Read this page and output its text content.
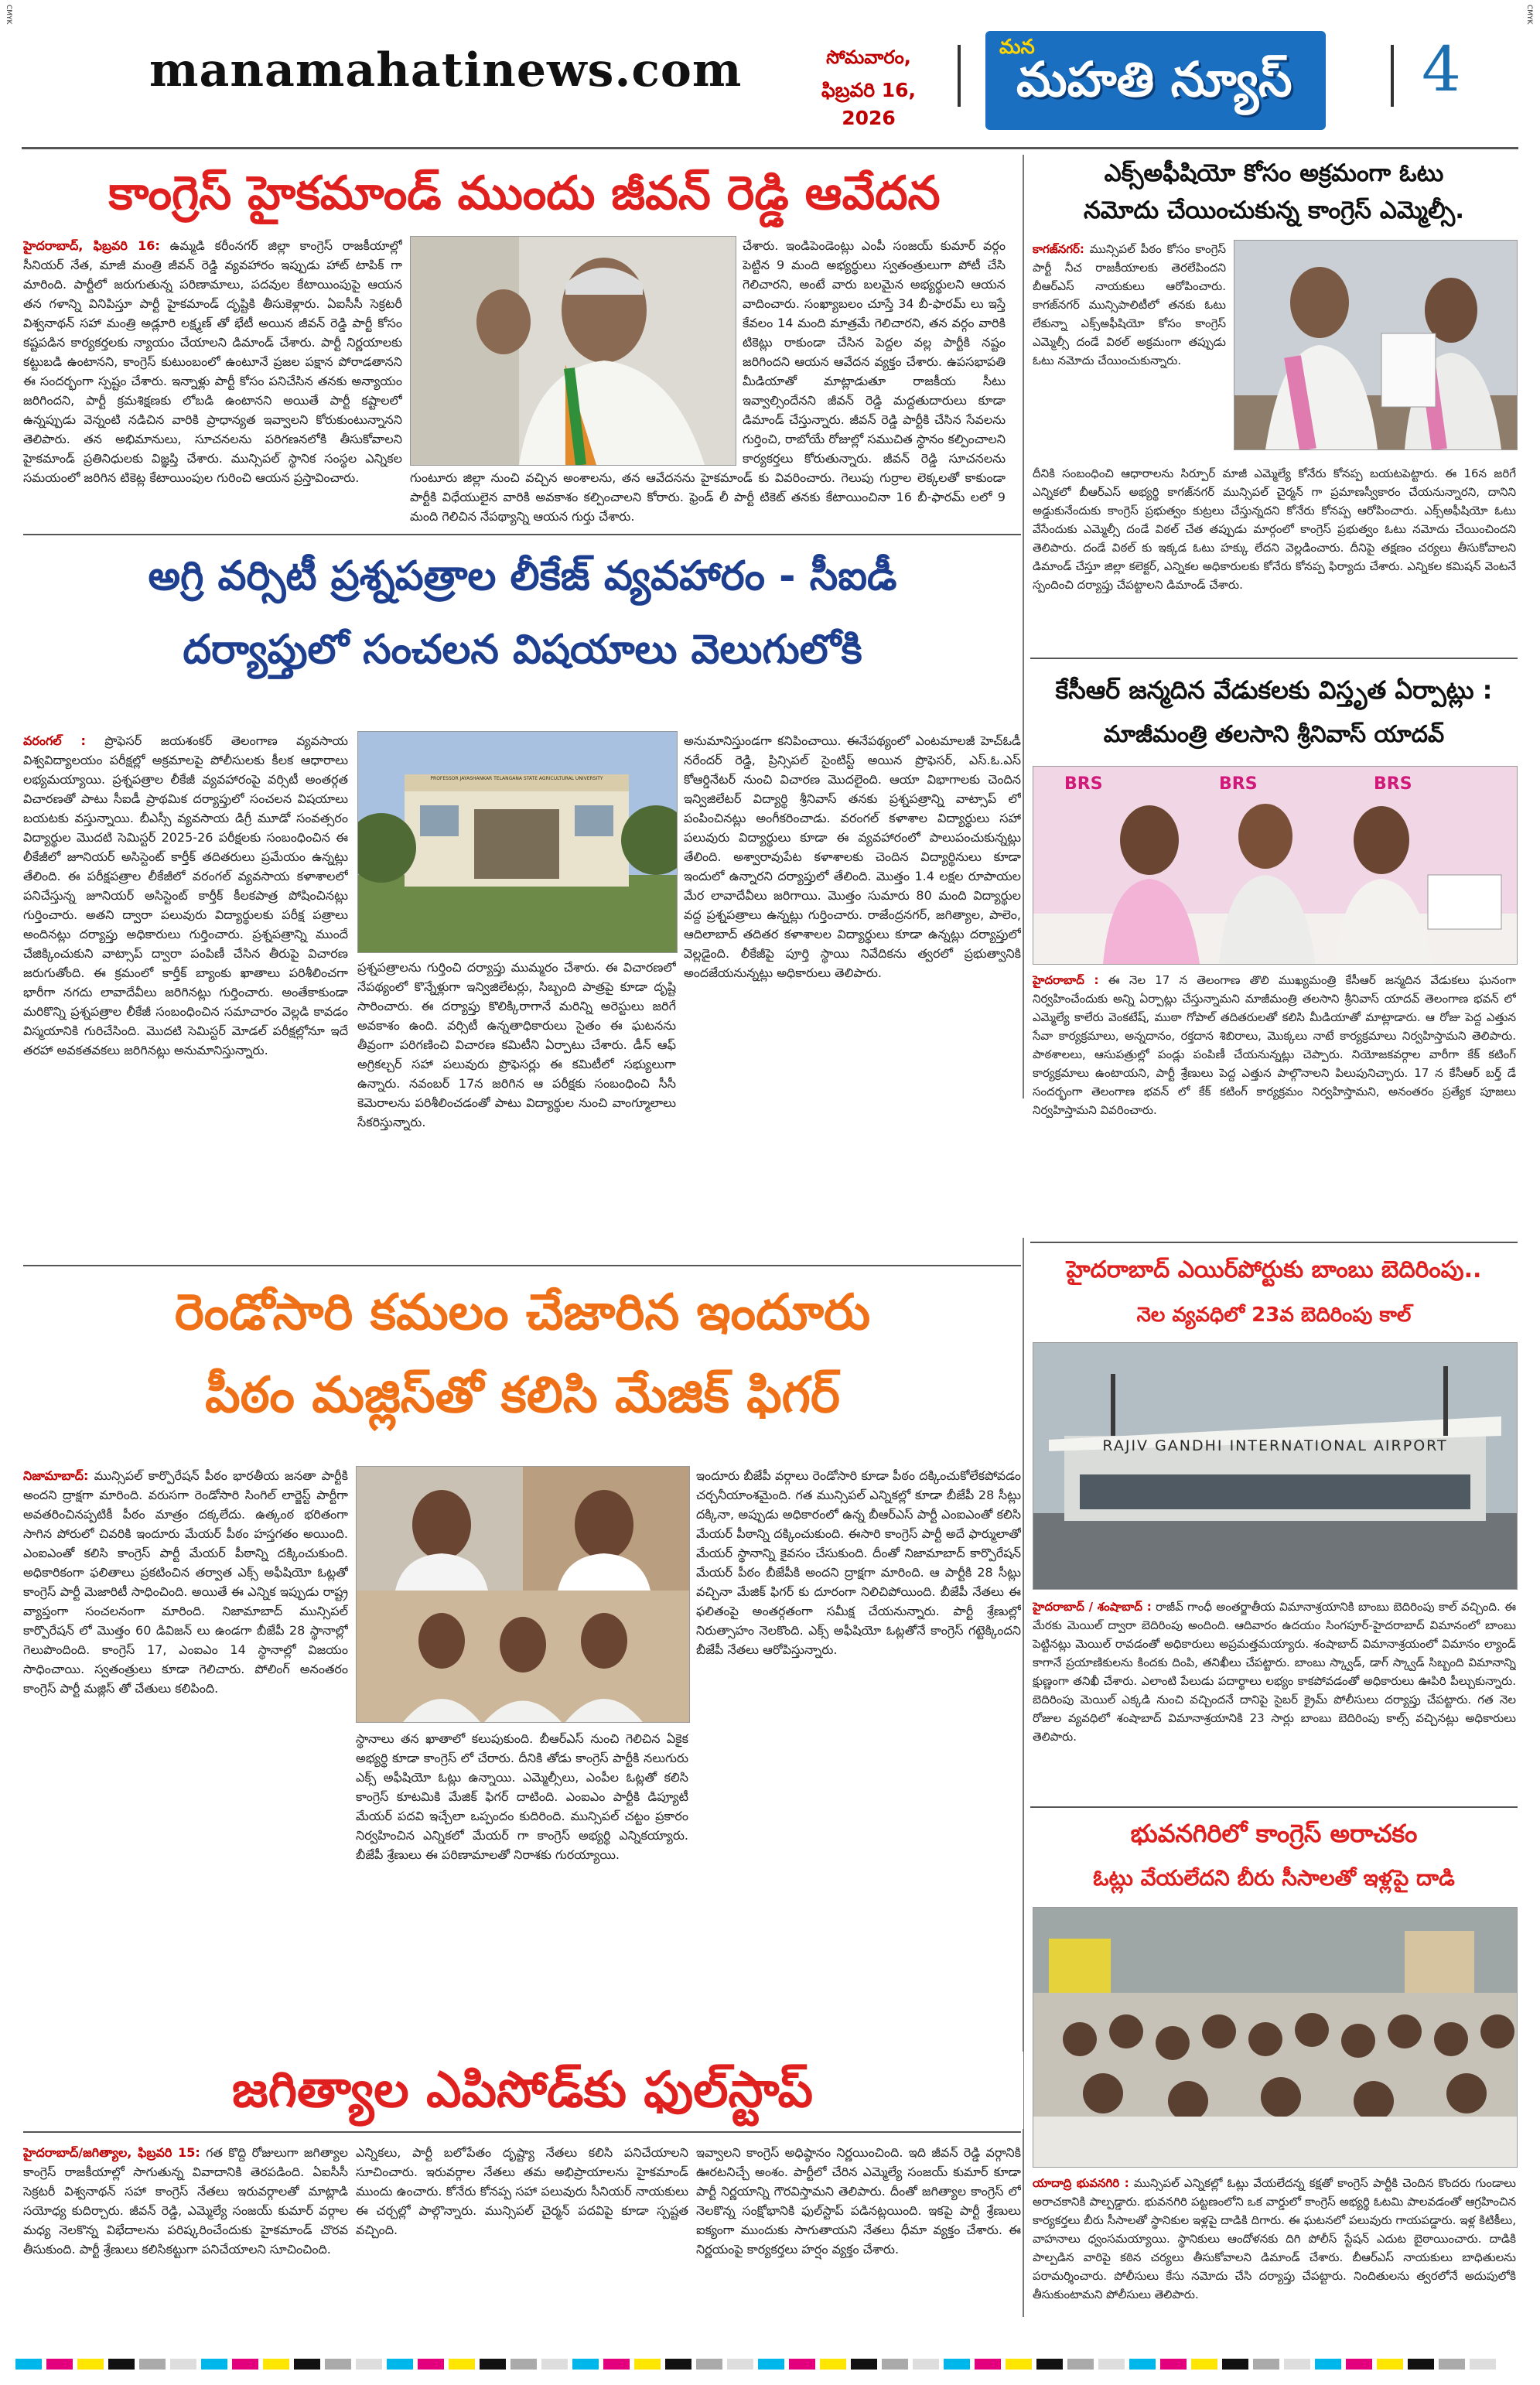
CMYK	CMYK
manamahatinews.com	సోమవారం,
ఫిబ్రవరి 16, 2026
మన
మహతి న్యూస్ 4
కాంగ్రెస్ హైకమాండ్ ముందు జీవన్ రెడ్డి ఆవేదన
హైదరాబాద్, ఫిబ్రవరి 16: ఉమ్మడి కరీంనగర్ జిల్లా కాంగ్రెస్ రాజకీయాల్లో సీనియర్ నేత, మాజీ మంత్రి జీవన్ రెడ్డి వ్యవహారం ఇప్పుడు హాట్ టాపిక్ గా మారింది. పార్టీలో జరుగుతున్న పరిణామాలు, పదవుల కేటాయింపుపై ఆయన తన గళాన్ని వినిపిస్తూ పార్టీ హైకమాండ్ దృష్టికి తీసుకెళ్లారు. ఏఐసీసీ సెక్రటరీ విశ్వనాథన్ సహా మంత్రి అడ్లూరి లక్ష్మణ్ తో భేటీ అయిన జీవన్ రెడ్డి పార్టీ కోసం కష్టపడిన కార్యకర్తలకు న్యాయం చేయాలని డిమాండ్ చేశారు. పార్టీ నిర్ణయాలకు కట్టుబడి ఉంటానని, కాంగ్రెస్ కుటుంబంలో ఉంటూనే ప్రజల పక్షాన పోరాడతానని ఈ సందర్భంగా స్పష్టం చేశారు. ఇన్నాళ్లు పార్టీ కోసం పనిచేసిన తనకు అన్యాయం జరిగిందని, పార్టీ క్రమశిక్షణకు లోబడి ఉంటానని అయితే పార్టీ కష్టాలలో ఉన్నప్పుడు వెన్నంటి నడిచిన వారికి ప్రాధాన్యత ఇవ్వాలని కోరుకుంటున్నానని తెలిపారు. తన అభిమానులు, సూచనలను పరిగణనలోకి తీసుకోవాలని హైకమాండ్ ప్రతినిధులకు విజ్ఞప్తి చేశారు. మున్సిపల్ స్థానిక సంస్థల ఎన్నికల సమయంలో జరిగిన టికెట్ల కేటాయింపుల గురించి ఆయన ప్రస్తావించారు.	గుంటూరు జిల్లా నుంచి వచ్చిన అంశాలను, తన ఆవేదనను హైకమాండ్ కు వివరించారు. గెలుపు గుర్రాల లెక్కలతో కాకుండా పార్టీకి విధేయులైన వారికి అవకాశం కల్పించాలని కోరారు. ఫ్రెండ్ లీ పార్టీ టికెట్ తనకు కేటాయించినా 16 బీ-ఫారమ్ లలో 9 మంది గెలిచిన నేపథ్యాన్ని ఆయన గుర్తు చేశారు.
చేశారు. ఇండిపెండెంట్లు ఎంపీ సంజయ్ కుమార్ వర్గం పెట్టిన 9 మంది అభ్యర్థులు స్వతంత్రులుగా పోటీ చేసి గెలిచారని, అంటే వారు బలమైన అభ్యర్థులని ఆయన వాదించారు. సంఖ్యాబలం చూస్తే 34 బీ-ఫారమ్ లు ఇస్తే కేవలం 14 మంది మాత్రమే గెలిచారని, తన వర్గం వారికి టికెట్లు రాకుండా చేసిన పెద్దల వల్ల పార్టీకి నష్టం జరిగిందని ఆయన ఆవేదన వ్యక్తం చేశారు. ఉపసభాపతి మీడియాతో మాట్లాడుతూ రాజకీయ సీటు ఇవ్వాల్సిందేనని జీవన్ రెడ్డి మద్దతుదారులు కూడా డిమాండ్ చేస్తున్నారు. జీవన్ రెడ్డి పార్టీకి చేసిన సేవలను గుర్తించి, రాబోయే రోజుల్లో సముచిత స్థానం కల్పించాలని కార్యకర్తలు కోరుతున్నారు. జీవన్ రెడ్డి సూచనలను
ఎక్స్‌అఫీషియో కోసం అక్రమంగా ఓటు
నమోదు చేయించుకున్న కాంగ్రెస్ ఎమ్మెల్సీ.
కాగజ్‌నగర్: మున్సిపల్ పీఠం కోసం కాంగ్రెస్ పార్టీ నీచ రాజకీయాలకు తెరలేపిందని బీఆర్ఎస్ నాయకులు ఆరోపించారు. కాగజ్‌నగర్ మున్సిపాలిటీలో తనకు ఓటు లేకున్నా ఎక్స్‌అఫీషియో కోసం కాంగ్రెస్ ఎమ్మెల్సీ దండే విఠల్ అక్రమంగా తప్పుడు ఓటు నమోదు చేయించుకున్నారు.
దీనికి సంబంధించి ఆధారాలను సిర్పూర్ మాజీ ఎమ్మెల్యే కోనేరు కోనప్ప బయటపెట్టారు. ఈ 16న జరిగే ఎన్నికలో బీఆర్ఎస్ అభ్యర్థి కాగజ్‌నగర్ మున్సిపల్ చైర్మన్ గా ప్రమాణస్వీకారం చేయనున్నారని, దానిని అడ్డుకునేందుకు కాంగ్రెస్ ప్రభుత్వం కుట్రలు చేస్తున్నదని కోనేరు కోనప్ప ఆరోపించారు. ఎక్స్‌అఫీషియో ఓటు వేసేందుకు ఎమ్మెల్సీ దండే విఠల్ చేత తప్పుడు మార్గంలో కాంగ్రెస్ ప్రభుత్వం ఓటు నమోదు చేయించిందని తెలిపారు. దండే విఠల్ కు ఇక్కడ ఓటు హక్కు లేదని వెల్లడించారు. దీనిపై తక్షణం చర్యలు తీసుకోవాలని డిమాండ్ చేస్తూ జిల్లా కలెక్టర్, ఎన్నికల అధికారులకు కోనేరు కోనప్ప ఫిర్యాదు చేశారు. ఎన్నికల కమిషన్ వెంటనే స్పందించి దర్యాప్తు చేపట్టాలని డిమాండ్ చేశారు.
అగ్రి వర్సిటీ ప్రశ్నపత్రాల లీకేజ్ వ్యవహారం - సీఐడీ
దర్యాప్తులో సంచలన విషయాలు వెలుగులోకి
వరంగల్ : ప్రొఫెసర్ జయశంకర్ తెలంగాణ వ్యవసాయ విశ్వవిద్యాలయం పరీక్షల్లో అక్రమాలపై పోలీసులకు కీలక ఆధారాలు లభ్యమయ్యాయి. ప్రశ్నపత్రాల లీకేజీ వ్యవహారంపై వర్సిటీ అంతర్గత విచారణతో పాటు సీఐడీ ప్రాథమిక దర్యాప్తులో సంచలన విషయాలు బయటకు వస్తున్నాయి. బీఎస్సీ వ్యవసాయ డిగ్రీ మూడో సంవత్సరం విద్యార్థుల మొదటి సెమిస్టర్ 2025-26 పరీక్షలకు సంబంధించిన ఈ లీకేజీలో జూనియర్ అసిస్టెంట్ కార్తీక్ తదితరులు ప్రమేయం ఉన్నట్లు తేలింది. ఈ పరీక్షపత్రాల లీకేజీలో వరంగల్ వ్యవసాయ కళాశాలలో పనిచేస్తున్న జూనియర్ అసిస్టెంట్ కార్తీక్ కీలకపాత్ర పోషించినట్లు గుర్తించారు. అతని ద్వారా పలువురు విద్యార్థులకు పరీక్ష పత్రాలు అందినట్లు దర్యాప్తు అధికారులు గుర్తించారు. ప్రశ్నపత్రాన్ని ముందే చేజిక్కించుకుని వాట్సాప్ ద్వారా పంపిణీ చేసిన తీరుపై విచారణ జరుగుతోంది. ఈ క్రమంలో కార్తీక్ బ్యాంకు ఖాతాలు పరిశీలించగా భారీగా నగదు లావాదేవీలు జరిగినట్లు గుర్తించారు. అంతేకాకుండా మరికొన్ని ప్రశ్నపత్రాల లీకేజీ సంబంధించిన సమాచారం వెల్లడి కావడం విస్మయానికి గురిచేసింది. మొదటి సెమిస్టర్ మోడల్ పరీక్షల్లోనూ ఇదే తరహా అవకతవకలు జరిగినట్లు అనుమానిస్తున్నారు.
PROFESSOR JAYASHANKAR TELANGANA STATE AGRICULTURAL UNIVERSITY
ప్రశ్నపత్రాలను గుర్తించి దర్యాప్తు ముమ్మరం చేశారు. ఈ విచారణలో నేపథ్యంలో కొన్నేళ్లుగా ఇన్విజిలేటర్లు, సిబ్బంది పాత్రపై కూడా దృష్టి సారించారు. ఈ దర్యాప్తు కొలిక్కిరాగానే మరిన్ని అరెస్టులు జరిగే అవకాశం ఉంది. వర్సిటీ ఉన్నతాధికారులు సైతం ఈ ఘటనను తీవ్రంగా పరిగణించి విచారణ కమిటీని ఏర్పాటు చేశారు. డీన్ ఆఫ్ అగ్రికల్చర్ సహా పలువురు ప్రొఫెసర్లు ఈ కమిటీలో సభ్యులుగా ఉన్నారు. నవంబర్ 17న జరిగిన ఆ పరీక్షకు సంబంధించి సీసీ కెమెరాలను పరిశీలించడంతో పాటు విద్యార్థుల నుంచి వాంగ్మూలాలు సేకరిస్తున్నారు.
అనుమానిస్తుండగా కనిపించాయి. ఈనేపథ్యంలో ఎంటమాలజీ హెచ్ఓడీ నరేందర్ రెడ్డి, ప్రిన్సిపల్ సైంటిస్ట్ అయిన ప్రొఫెసర్, ఎస్.ఓ.ఎస్ కోఆర్డినేటర్ నుంచి విచారణ మొదలైంది. ఆయా విభాగాలకు చెందిన ఇన్విజిలేటర్ విద్యార్థి శ్రీనివాస్ తనకు ప్రశ్నపత్రాన్ని వాట్సాప్ లో పంపించినట్లు అంగీకరించాడు. వరంగల్ కళాశాల విద్యార్థులు సహా పలువురు విద్యార్థులు కూడా ఈ వ్యవహారంలో పాలుపంచుకున్నట్లు తేలింది. అశ్వారావుపేట కళాశాలకు చెందిన విద్యార్థినులు కూడా ఇందులో ఉన్నారని దర్యాప్తులో తేలింది. మొత్తం 1.4 లక్షల రూపాయల మేర లావాదేవీలు జరిగాయి. మొత్తం సుమారు 80 మంది విద్యార్థుల వద్ద ప్రశ్నపత్రాలు ఉన్నట్లు గుర్తించారు. రాజేంద్రనగర్, జగిత్యాల, పాలెం, ఆదిలాబాద్ తదితర కళాశాలల విద్యార్థులు కూడా ఉన్నట్లు దర్యాప్తులో వెల్లడైంది. లీకేజీపై పూర్తి స్థాయి నివేదికను త్వరలో ప్రభుత్వానికి అందజేయనున్నట్లు అధికారులు తెలిపారు.
కేసీఆర్ జన్మదిన వేడుకలకు విస్తృత ఏర్పాట్లు :
మాజీమంత్రి తలసాని శ్రీనివాస్ యాదవ్
BRS	BRS	BRS
హైదరాబాద్ : ఈ నెల 17 న తెలంగాణ తొలి ముఖ్యమంత్రి కేసీఆర్ జన్మదిన వేడుకలు ఘనంగా నిర్వహించేందుకు అన్ని ఏర్పాట్లు చేస్తున్నామని మాజీమంత్రి తలసాని శ్రీనివాస్ యాదవ్ తెలంగాణ భవన్ లో ఎమ్మెల్యే కాలేరు వెంకటేష్, ముఠా గోపాల్ తదితరులతో కలిసి మీడియాతో మాట్లాడారు. ఆ రోజు పెద్ద ఎత్తున సేవా కార్యక్రమాలు, అన్నదానం, రక్తదాన శిబిరాలు, మొక్కలు నాటే కార్యక్రమాలు నిర్వహిస్తామని తెలిపారు. పాఠశాలలు, ఆసుపత్రుల్లో పండ్లు పంపిణీ చేయనున్నట్లు చెప్పారు. నియోజకవర్గాల వారీగా కేక్ కటింగ్ కార్యక్రమాలు ఉంటాయని, పార్టీ శ్రేణులు పెద్ద ఎత్తున పాల్గొనాలని పిలుపునిచ్చారు. 17 న కేసీఆర్ బర్త్ డే సందర్భంగా తెలంగాణ భవన్ లో కేక్ కటింగ్ కార్యక్రమం నిర్వహిస్తామని, అనంతరం ప్రత్యేక పూజలు నిర్వహిస్తామని వివరించారు.
రెండోసారి కమలం చేజారిన ఇందూరు
పీఠం మజ్లిస్‌తో కలిసి మేజిక్ ఫిగర్
నిజామాబాద్: మున్సిపల్ కార్పొరేషన్ పీఠం భారతీయ జనతా పార్టీకి అందని ద్రాక్షగా మారింది. వరుసగా రెండోసారి సింగిల్ లార్జెస్ట్ పార్టీగా అవతరించినప్పటికీ పీఠం మాత్రం దక్కలేదు. ఉత్కంఠ భరితంగా సాగిన పోరులో చివరికి ఇందూరు మేయర్ పీఠం హస్తగతం అయింది. ఎంఐఎంతో కలిసి కాంగ్రెస్ పార్టీ మేయర్ పీఠాన్ని దక్కించుకుంది. అధికారికంగా ఫలితాలు ప్రకటించిన తర్వాత ఎక్స్ అఫీషియో ఓట్లతో కాంగ్రెస్ పార్టీ మెజారిటీ సాధించింది. అయితే ఈ ఎన్నిక ఇప్పుడు రాష్ట్ర వ్యాప్తంగా సంచలనంగా మారింది. నిజామాబాద్ మున్సిపల్ కార్పొరేషన్ లో మొత్తం 60 డివిజన్ లు ఉండగా బీజేపీ 28 స్థానాల్లో గెలుపొందింది. కాంగ్రెస్ 17, ఎంఐఎం 14 స్థానాల్లో విజయం సాధించాయి. స్వతంత్రులు కూడా గెలిచారు. పోలింగ్ అనంతరం కాంగ్రెస్ పార్టీ మజ్లిస్ తో చేతులు కలిపింది.
స్థానాలు తన ఖాతాలో కలుపుకుంది. బీఆర్ఎస్ నుంచి గెలిచిన ఏకైక అభ్యర్థి కూడా కాంగ్రెస్ లో చేరారు. దీనికి తోడు కాంగ్రెస్ పార్టీకి నలుగురు ఎక్స్ అఫీషియో ఓట్లు ఉన్నాయి. ఎమ్మెల్సీలు, ఎంపీల ఓట్లతో కలిసి కాంగ్రెస్ కూటమికి మేజిక్ ఫిగర్ దాటింది. ఎంఐఎం పార్టీకి డిప్యూటీ మేయర్ పదవి ఇచ్చేలా ఒప్పందం కుదిరింది. మున్సిపల్ చట్టం ప్రకారం నిర్వహించిన ఎన్నికలో మేయర్ గా కాంగ్రెస్ అభ్యర్థి ఎన్నికయ్యారు. బీజేపీ శ్రేణులు ఈ పరిణామాలతో నిరాశకు గురయ్యాయి.
ఇందూరు బీజేపీ వర్గాలు రెండోసారి కూడా పీఠం దక్కించుకోలేకపోవడం చర్చనీయాంశమైంది. గత మున్సిపల్ ఎన్నికల్లో కూడా బీజేపీ 28 సీట్లు దక్కినా, అప్పుడు అధికారంలో ఉన్న బీఆర్ఎస్ పార్టీ ఎంఐఎంతో కలిసి మేయర్ పీఠాన్ని దక్కించుకుంది. ఈసారి కాంగ్రెస్ పార్టీ అదే ఫార్ములాతో మేయర్ స్థానాన్ని కైవసం చేసుకుంది. దీంతో నిజామాబాద్ కార్పొరేషన్ మేయర్ పీఠం బీజేపీకి అందని ద్రాక్షగా మారింది. ఆ పార్టీకి 28 సీట్లు వచ్చినా మేజిక్ ఫిగర్ కు దూరంగా నిలిచిపోయింది. బీజేపీ నేతలు ఈ ఫలితంపై అంతర్గతంగా సమీక్ష చేయనున్నారు. పార్టీ శ్రేణుల్లో నిరుత్సాహం నెలకొంది. ఎక్స్ అఫీషియో ఓట్లతోనే కాంగ్రెస్ గట్టెక్కిందని బీజేపీ నేతలు ఆరోపిస్తున్నారు.
హైదరాబాద్ ఎయిర్‌పోర్టుకు బాంబు బెదిరింపు..
నెల వ్యవధిలో 23వ బెదిరింపు కాల్
RAJIV GANDHI INTERNATIONAL AIRPORT
హైదరాబాద్ / శంషాబాద్ : రాజీవ్ గాంధీ అంతర్జాతీయ విమానాశ్రయానికి బాంబు బెదిరింపు కాల్ వచ్చింది. ఈ మేరకు మెయిల్ ద్వారా బెదిరింపు అందింది. ఆదివారం ఉదయం సింగపూర్-హైదరాబాద్ విమానంలో బాంబు పెట్టినట్లు మెయిల్ రావడంతో అధికారులు అప్రమత్తమయ్యారు. శంషాబాద్ విమానాశ్రయంలో విమానం ల్యాండ్ కాగానే ప్రయాణికులను కిందకు దింపి, తనిఖీలు చేపట్టారు. బాంబు స్క్వాడ్, డాగ్ స్క్వాడ్ సిబ్బంది విమానాన్ని క్షుణ్ణంగా తనిఖీ చేశారు. ఎలాంటి పేలుడు పదార్థాలు లభ్యం కాకపోవడంతో అధికారులు ఊపిరి పీల్చుకున్నారు. బెదిరింపు మెయిల్ ఎక్కడి నుంచి వచ్చిందనే దానిపై సైబర్ క్రైమ్ పోలీసులు దర్యాప్తు చేపట్టారు. గత నెల రోజుల వ్యవధిలో శంషాబాద్ విమానాశ్రయానికి 23 సార్లు బాంబు బెదిరింపు కాల్స్ వచ్చినట్లు అధికారులు తెలిపారు.
భువనగిరిలో కాంగ్రెస్ అరాచకం
ఓట్లు వేయలేదని బీరు సీసాలతో ఇళ్లపై దాడి
యాదాద్రి భువనగిరి : మున్సిపల్ ఎన్నికల్లో ఓట్లు వేయలేదన్న కక్షతో కాంగ్రెస్ పార్టీకి చెందిన కొందరు గుండాలు అరాచకానికి పాల్పడ్డారు. భువనగిరి పట్టణంలోని ఒక వార్డులో కాంగ్రెస్ అభ్యర్థి ఓటమి పాలవడంతో ఆగ్రహించిన కార్యకర్తలు బీరు సీసాలతో స్థానికుల ఇళ్లపై దాడికి దిగారు. ఈ ఘటనలో పలువురు గాయపడ్డారు. ఇళ్ల కిటికీలు, వాహనాలు ధ్వంసమయ్యాయి. స్థానికులు ఆందోళనకు దిగి పోలీస్ స్టేషన్ ఎదుట బైఠాయించారు. దాడికి పాల్పడిన వారిపై కఠిన చర్యలు తీసుకోవాలని డిమాండ్ చేశారు. బీఆర్ఎస్ నాయకులు బాధితులను పరామర్శించారు. పోలీసులు కేసు నమోదు చేసి దర్యాప్తు చేపట్టారు. నిందితులను త్వరలోనే అదుపులోకి తీసుకుంటామని పోలీసులు తెలిపారు.
హైదరాబాద్/జగిత్యాల, ఫిబ్రవరి 15: గత కొద్ది రోజులుగా జగిత్యాల కాంగ్రెస్ రాజకీయాల్లో సాగుతున్న వివాదానికి తెరపడింది. ఏఐసీసీ సెక్రటరీ విశ్వనాథన్ సహా కాంగ్రెస్ నేతలు ఇరువర్గాలతో మాట్లాడి సయోధ్య కుదిర్చారు. జీవన్ రెడ్డి, ఎమ్మెల్యే సంజయ్ కుమార్ వర్గాల మధ్య నెలకొన్న విభేదాలను పరిష్కరించేందుకు హైకమాండ్ చొరవ తీసుకుంది. పార్టీ శ్రేణులు కలిసికట్టుగా పనిచేయాలని సూచించింది.
ఎన్నికలు, పార్టీ బలోపేతం దృష్ట్యా నేతలు కలిసి పనిచేయాలని సూచించారు. ఇరువర్గాల నేతలు తమ అభిప్రాయాలను హైకమాండ్ ముందు ఉంచారు. కోనేరు కోనప్ప సహా పలువురు సీనియర్ నాయకులు ఈ చర్చల్లో పాల్గొన్నారు. మున్సిపల్ చైర్మన్ పదవిపై కూడా స్పష్టత వచ్చింది.
ఇవ్వాలని కాంగ్రెస్ అధిష్ఠానం నిర్ణయించింది. ఇది జీవన్ రెడ్డి వర్గానికి ఊరటనిచ్చే అంశం. పార్టీలో చేరిన ఎమ్మెల్యే సంజయ్ కుమార్ కూడా పార్టీ నిర్ణయాన్ని గౌరవిస్తామని తెలిపారు. దీంతో జగిత్యాల కాంగ్రెస్ లో నెలకొన్న సంక్షోభానికి ఫుల్‌స్టాప్ పడినట్లయింది. ఇకపై పార్టీ శ్రేణులు ఐక్యంగా ముందుకు సాగుతాయని నేతలు ధీమా వ్యక్తం చేశారు. ఈ నిర్ణయంపై కార్యకర్తలు హర్షం వ్యక్తం చేశారు.
జగిత్యాల ఎపిసోడ్‌కు ఫుల్‌స్టాప్
